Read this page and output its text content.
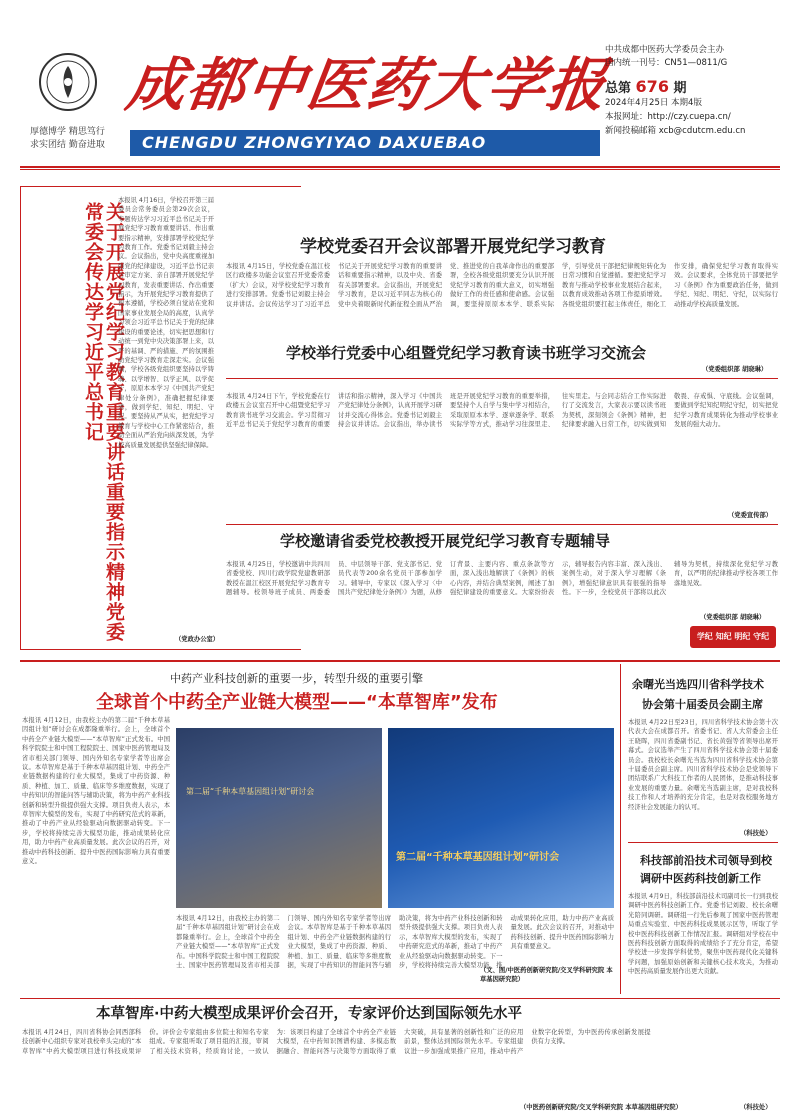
厚德博学 精思笃行
求实团结 勤奋进取
成都中医药大学报
CHENGDU ZHONGYIYAO DAXUEBAO
中共成都中医药大学委员会主办
国内统一刊号：CN51—0811/G
总第 676 期
2024年4月25日 本期4版
本报网址：http://czy.cuepa.cn/
新闻投稿邮箱 xcb@cdutcm.edu.cn
关于开展党纪学习教育重要讲话重要指示精神党委常委会传达学习近平总书记
本报讯 4月16日，学校召开第三届委员会常务委员会第29次会议，专题传达学习习近平总书记关于开展党纪学习教育重要讲话、作出重要指示精神，安排部署学校党纪学习教育工作。党委书记刘毅主持会议。会议指出，党中央高度重视加强党的纪律建设，习近平总书记亲自审定方案、亲自部署开展党纪学习教育，发表重要讲话、作出重要指示，为开展党纪学习教育提供了根本遵循，学校必须自觉站在党和国家事业发展全局的高度，认真学习领会习近平总书记关于党的纪律建设的重要论述，切实把思想和行动统一到党中央决策部署上来，以严的基调、严的措施、严的氛围推动党纪学习教育走深走实。会议强调，学校各级党组织要坚持以学铸魂、以学增智、以学正风、以学促干，原原本本学习《中国共产党纪律处分条例》，准确把握纪律要求，做到学纪、知纪、明纪、守纪。要坚持从严从实，把党纪学习教育与学校中心工作紧密结合，推动全面从严治党向纵深发展，为学校高质量发展提供坚强纪律保障。
（党政办公室）
学校党委召开会议部署开展党纪学习教育
本报讯 4月15日，学校党委在温江校区行政楼多功能会议室召开党委常委（扩大）会议，对学校党纪学习教育进行安排部署。党委书记刘毅主持会议并讲话。会议传达学习了习近平总书记关于开展党纪学习教育的重要讲话和重要指示精神，以及中央、省委有关部署要求。会议指出，开展党纪学习教育，是以习近平同志为核心的党中央着眼新时代新征程全面从严治党、推进党的自我革命作出的重要部署，全校各级党组织要充分认识开展党纪学习教育的重大意义，切实增强做好工作的责任感和使命感。会议强调，要坚持原原本本学、联系实际学，引导党员干部把纪律规矩转化为日常习惯和自觉遵循。要把党纪学习教育与推动学校事业发展结合起来，以教育成效推动各项工作提质增效。各级党组织要扛起主体责任，细化工作安排，确保党纪学习教育取得实效。会议要求，全体党员干部要把学习《条例》作为重要政治任务，做到学纪、知纪、明纪、守纪，以实际行动推动学校高质量发展。
（党委组织部 胡晓琳）
学校举行党委中心组暨党纪学习教育读书班学习交流会
本报讯 4月24日下午，学校党委在行政楼五会议室召开中心组暨党纪学习教育读书班学习交流会。学习贯彻习近平总书记关于党纪学习教育的重要讲话和指示精神，深入学习《中国共产党纪律处分条例》，认真开展学习研讨并交流心得体会。党委书记刘毅主持会议并讲话。会议指出，举办读书班是开展党纪学习教育的重要举措，要坚持个人自学与集中学习相结合，采取原原本本学、逐章逐条学、联系实际学等方式，推动学习往深里走、往实里走。与会同志结合工作实际进行了交流发言，大家表示要以读书班为契机，深刻领会《条例》精神，把纪律要求融入日常工作，切实做到知敬畏、存戒惧、守底线。会议强调，要做到学纪知纪明纪守纪，切实把党纪学习教育成果转化为推动学校事业发展的强大动力。
（党委宣传部）
学校邀请省委党校教授开展党纪学习教育专题辅导
本报讯 4月25日，学校邀请中共四川省委党校、四川行政学院党建教研部教授在温江校区开展党纪学习教育专题辅导。校领导班子成员、两委委员、中层领导干部、党支部书记、党员代表等200余名党员干部参加学习。辅导中，专家以《深入学习〈中国共产党纪律处分条例〉》为题，从修订背景、主要内容、重点条款等方面，深入浅出地解读了《条例》的核心内容，并结合典型案例，阐述了加强纪律建设的重要意义。大家纷纷表示，辅导报告内容丰富、深入浅出、案例生动，对于深入学习理解《条例》，增强纪律意识具有很强的指导性。下一步，全校党员干部将以此次辅导为契机，持续深化党纪学习教育，以严明的纪律推动学校各项工作落地见效。
（党委组织部 胡晓琳）
学纪 知纪 明纪 守纪
中药产业科技创新的重要一步，转型升级的重要引擎
全球首个中药全产业链大模型——“本草智库”发布
本报讯 4月12日，由我校主办的第二届“千种本草基因组计划”研讨会在成都隆重举行。会上，全球首个中药全产业链大模型——“本草智库”正式发布。中国科学院院士和中国工程院院士、国家中医药管理局及省市相关部门领导、国内外知名专家学者等出席会议。本草智库是基于千种本草基因组计划、中药全产业链数据构建的行业大模型，集成了中药资源、种质、种植、加工、质量、临床等多维度数据，实现了中药知识的智能问答与辅助决策，将为中药产业科技创新和转型升级提供强大支撑。项目负责人表示，本草智库大模型的发布，实现了中药研究范式的革新，推动了中药产业从经验驱动向数据驱动转变。下一步，学校将持续完善大模型功能，推动成果转化应用，助力中药产业高质量发展。此次会议的召开，对推动中药科技创新、提升中医药国际影响力具有重要意义。
第二届“千种本草基因组计划”研讨会
第二届“千种本草基因组计划”研讨会
本报讯 4月12日，由我校主办的第二届“千种本草基因组计划”研讨会在成都隆重举行。会上，全球首个中药全产业链大模型——“本草智库”正式发布。中国科学院院士和中国工程院院士、国家中医药管理局及省市相关部门领导、国内外知名专家学者等出席会议。本草智库是基于千种本草基因组计划、中药全产业链数据构建的行业大模型，集成了中药资源、种质、种植、加工、质量、临床等多维度数据，实现了中药知识的智能问答与辅助决策，将为中药产业科技创新和转型升级提供强大支撑。项目负责人表示，本草智库大模型的发布，实现了中药研究范式的革新，推动了中药产业从经验驱动向数据驱动转变。下一步，学校将持续完善大模型功能，推动成果转化应用，助力中药产业高质量发展。此次会议的召开，对推动中药科技创新、提升中医药国际影响力具有重要意义。
（文、图/中医药创新研究院/交叉学科研究院 本草基因研究院）
余曙光当选四川省科学技术
协会第十届委员会副主席
本报讯 4月22日至23日，四川省科学技术协会第十次代表大会在成都召开。省委书记、省人大常委会主任王晓晖，四川省委副书记、省长黄强等省领导出席开幕式。会议选举产生了四川省科学技术协会第十届委员会。我校校长余曙光当选为四川省科学技术协会第十届委员会副主席。四川省科学技术协会是党领导下团结联系广大科技工作者的人民团体，是推动科技事业发展的重要力量。余曙光当选副主席，是对我校科技工作和人才培养的充分肯定，也是对我校服务地方经济社会发展能力的认可。
（科技处）
科技部前沿技术司领导到校
调研中医药科技创新工作
本报讯 4月9日，科技部前沿技术司副司长一行到我校调研中医药科技创新工作。党委书记刘毅、校长余曙光陪同调研。调研组一行先后参观了国家中医药管理局重点实验室、中医药科技成果展示区等，听取了学校中医药科技创新工作情况汇报。调研组对学校在中医药科技创新方面取得的成绩给予了充分肯定，希望学校进一步发挥学科优势，聚焦中医药现代化关键科学问题，加强原始创新和关键核心技术攻关，为推动中医药高质量发展作出更大贡献。
本草智库·中药大模型成果评价会召开，专家评价达到国际领先水平
本报讯 4月24日，四川省科协会同西部科技创新中心组织专家对我校牵头完成的“本草智库”中药大模型项目进行科技成果评价。评价会专家组由多位院士和知名专家组成。专家组听取了项目组的汇报，审阅了相关技术资料，经质询讨论，一致认为：该项目构建了全球首个中药全产业链大模型，在中药知识图谱构建、多模态数据融合、智能问答与决策等方面取得了重大突破，具有显著的创新性和广泛的应用前景，整体达到国际领先水平。专家组建议进一步加强成果推广应用，推动中药产业数字化转型，为中医药传承创新发展提供有力支撑。
（中医药创新研究院/交叉学科研究院 本草基因组研究院）	（科技处）
